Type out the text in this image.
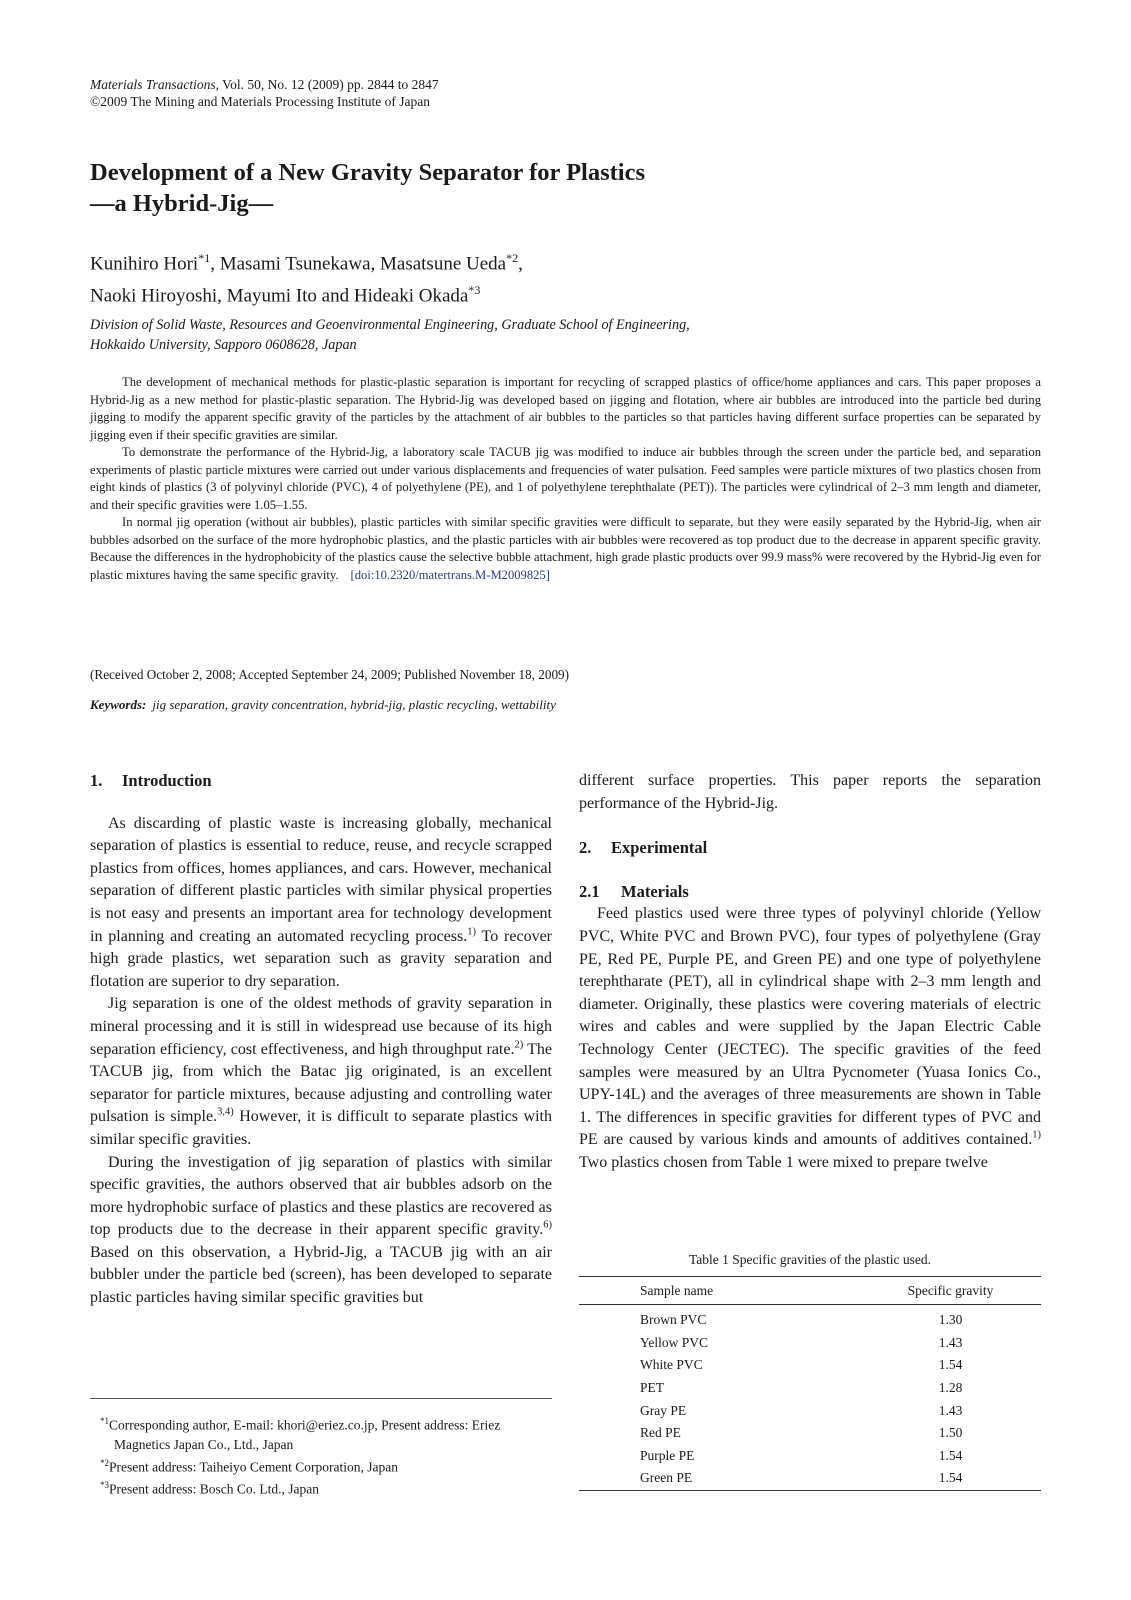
Materials Transactions, Vol. 50, No. 12 (2009) pp. 2844 to 2847
©2009 The Mining and Materials Processing Institute of Japan
Development of a New Gravity Separator for Plastics
—a Hybrid-Jig—
Kunihiro Hori$^{*1}$, Masami Tsunekawa, Masatsune Ueda$^{*2}$,
Naoki Hiroyoshi, Mayumi Ito and Hideaki Okada$^{*3}$
Division of Solid Waste, Resources and Geoenvironmental Engineering, Graduate School of Engineering,
Hokkaido University, Sapporo 0608628, Japan

The development of mechanical methods for plastic-plastic separation is important for recycling of scrapped plastics of office/home appliances and cars. This paper proposes a Hybrid-Jig as a new method for plastic-plastic separation. The Hybrid-Jig was developed based on jigging and flotation, where air bubbles are introduced into the particle bed during jigging to modify the apparent specific gravity of the particles by the attachment of air bubbles to the particles so that particles having different surface properties can be separated by jigging even if their specific gravities are similar.

To demonstrate the performance of the Hybrid-Jig, a laboratory scale TACUB jig was modified to induce air bubbles through the screen under the particle bed, and separation experiments of plastic particle mixtures were carried out under various displacements and frequencies of water pulsation. Feed samples were particle mixtures of two plastics chosen from eight kinds of plastics (3 of polyvinyl chloride (PVC), 4 of polyethylene (PE), and 1 of polyethylene terephthalate (PET)). The particles were cylindrical of 2–3 mm length and diameter, and their specific gravities were 1.05–1.55.

In normal jig operation (without air bubbles), plastic particles with similar specific gravities were difficult to separate, but they were easily separated by the Hybrid-Jig, when air bubbles adsorbed on the surface of the more hydrophobic plastics, and the plastic particles with air bubbles were recovered as top product due to the decrease in apparent specific gravity. Because the differences in the hydrophobicity of the plastics cause the selective bubble attachment, high grade plastic products over 99.9 mass% were recovered by the Hybrid-Jig even for plastic mixtures having the same specific gravity. [doi:10.2320/matertrans.M-M2009825]

(Received October 2, 2008; Accepted September 24, 2009; Published November 18, 2009)
Keywords: jig separation, gravity concentration, hybrid-jig, plastic recycling, wettability
1. Introduction

As discarding of plastic waste is increasing globally, mechanical separation of plastics is essential to reduce, reuse, and recycle scrapped plastics from offices, homes appliances, and cars. However, mechanical separation of different plastic particles with similar physical properties is not easy and presents an important area for technology development in planning and creating an automated recycling process.$^{1)}$ To recover high grade plastics, wet separation such as gravity separation and flotation are superior to dry separation.

Jig separation is one of the oldest methods of gravity separation in mineral processing and it is still in widespread use because of its high separation efficiency, cost effectiveness, and high throughput rate.$^{2)}$ The TACUB jig, from which the Batac jig originated, is an excellent separator for particle mixtures, because adjusting and controlling water pulsation is simple.$^{3,4)}$ However, it is difficult to separate plastics with similar specific gravities.

During the investigation of jig separation of plastics with similar specific gravities, the authors observed that air bubbles adsorb on the more hydrophobic surface of plastics and these plastics are recovered as top products due to the decrease in their apparent specific gravity.$^{6)}$ Based on this observation, a Hybrid-Jig, a TACUB jig with an air bubbler under the particle bed (screen), has been developed to separate plastic particles having similar specific gravities but

$^{*1}$Corresponding author, E-mail: khori@eriez.co.jp, Present address: Eriez Magnetics Japan Co., Ltd., Japan
$^{*2}$Present address: Taiheiyo Cement Corporation, Japan
$^{*3}$Present address: Bosch Co. Ltd., Japan

different surface properties. This paper reports the separation performance of the Hybrid-Jig.

2. Experimental
2.1 Materials

Feed plastics used were three types of polyvinyl chloride (Yellow PVC, White PVC and Brown PVC), four types of polyethylene (Gray PE, Red PE, Purple PE, and Green PE) and one type of polyethylene terephtharate (PET), all in cylindrical shape with 2–3 mm length and diameter. Originally, these plastics were covering materials of electric wires and cables and were supplied by the Japan Electric Cable Technology Center (JECTEC). The specific gravities of the feed samples were measured by an Ultra Pycnometer (Yuasa Ionics Co., UPY-14L) and the averages of three measurements are shown in Table 1. The differences in specific gravities for different types of PVC and PE are caused by various kinds and amounts of additives contained.$^{1)}$ Two plastics chosen from Table 1 were mixed to prepare twelve

Table 1 Specific gravities of the plastic used.
Sample name	Specific gravity
Brown PVC	1.30
Yellow PVC	1.43
White PVC	1.54
PET	1.28
Gray PE	1.43
Red PE	1.50
Purple PE	1.54
Green PE	1.54
